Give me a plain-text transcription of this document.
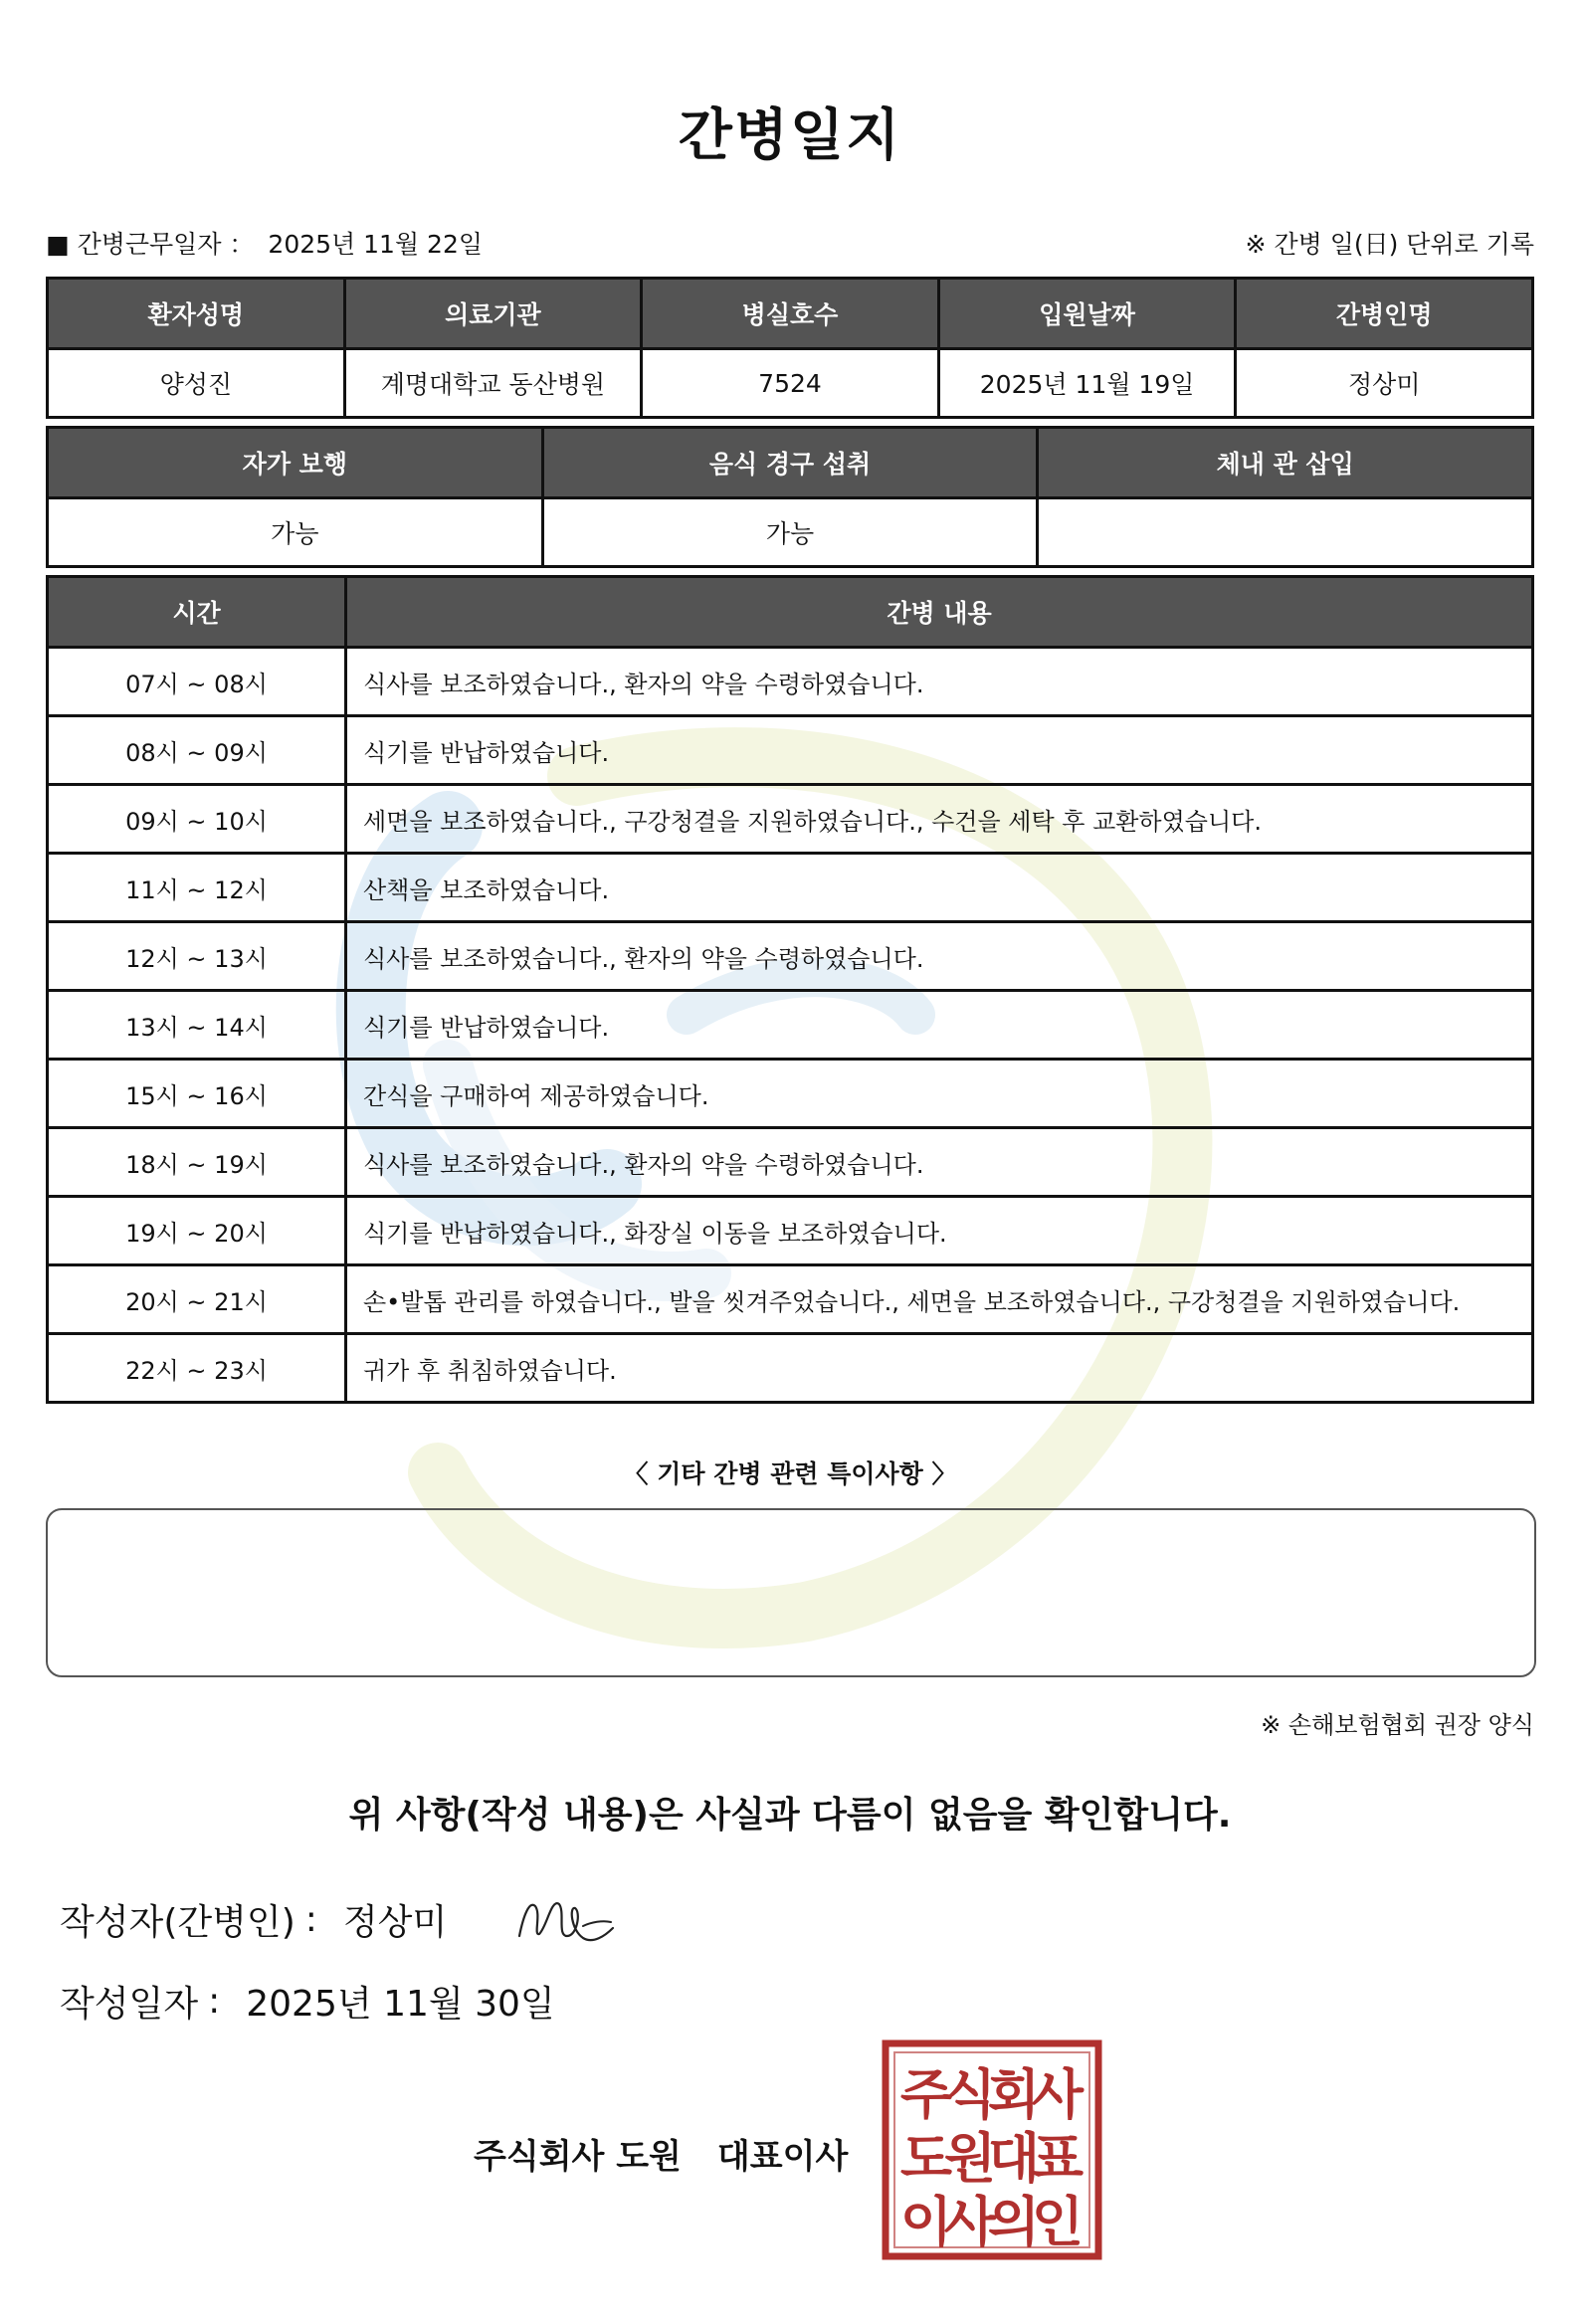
간병일지
■ 간병근무일자 ： 2025년 11월 22일	※ 간병 일(日) 단위로 기록
환자성명	의료기관	병실호수	입원날짜	간병인명
양성진	계명대학교 동산병원	7524	2025년 11월 19일	정상미
자가 보행	음식 경구 섭취	체내 관 삽입
가능	가능	
시간	간병 내용
07시 ~ 08시	식사를 보조하였습니다., 환자의 약을 수령하였습니다.
08시 ~ 09시	식기를 반납하였습니다.
09시 ~ 10시	세면을 보조하였습니다., 구강청결을 지원하였습니다., 수건을 세탁 후 교환하였습니다.
11시 ~ 12시	산책을 보조하였습니다.
12시 ~ 13시	식사를 보조하였습니다., 환자의 약을 수령하였습니다.
13시 ~ 14시	식기를 반납하였습니다.
15시 ~ 16시	간식을 구매하여 제공하였습니다.
18시 ~ 19시	식사를 보조하였습니다., 환자의 약을 수령하였습니다.
19시 ~ 20시	식기를 반납하였습니다., 화장실 이동을 보조하였습니다.
20시 ~ 21시	손•발톱 관리를 하였습니다., 발을 씻겨주었습니다., 세면을 보조하였습니다., 구강청결을 지원하였습니다.
22시 ~ 23시	귀가 후 취침하였습니다.
〈 기타 간병 관련 특이사항 〉
※ 손해보험협회 권장 양식
위 사항(작성 내용)은 사실과 다름이 없음을 확인합니다.
작성자(간병인) : 정상미
작성일자 : 2025년 11월 30일
주식회사 도원 대표이사
주
식
회
사
도
원
대
표
이
사
의
인
